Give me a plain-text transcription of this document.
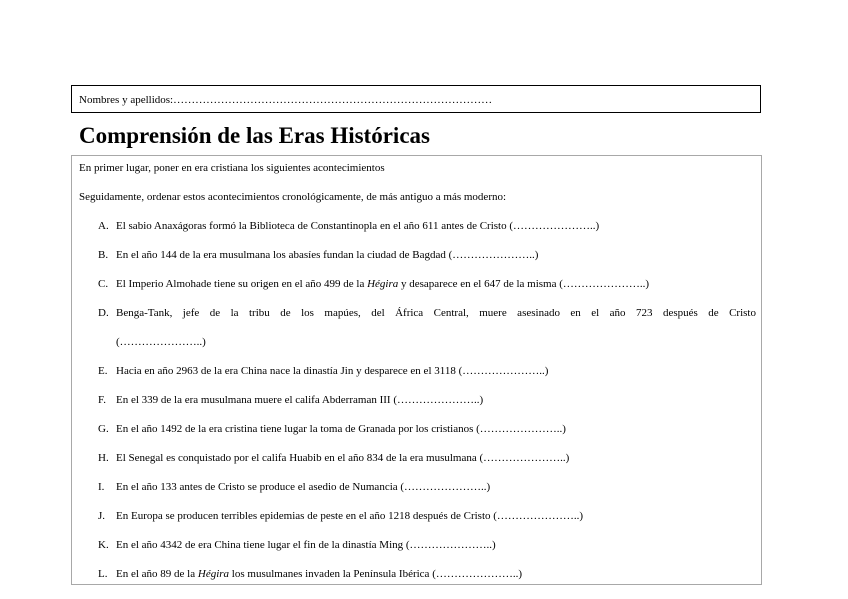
Nombres y apellidos:……………………………………………………………………………
Comprensión de las Eras Históricas
En primer lugar, poner en era cristiana los siguientes acontecimientos
Seguidamente, ordenar estos acontecimientos cronológicamente, de más antiguo a más moderno:
A. El sabio Anaxágoras formó la Biblioteca de Constantinopla en el año 611 antes de Cristo (…………………..)
B. En el año 144 de la era musulmana los abasíes fundan la ciudad de Bagdad (…………………..)
C. El Imperio Almohade tiene su origen en el año 499 de la Hégira y desaparece en el 647 de la misma (…………………..)
D. Benga-Tank, jefe de la tribu de los mapúes, del África Central, muere asesinado en el año 723 después de Cristo
(…………………..)
E. Hacia en año 2963 de la era China nace la dinastía Jin y desparece en el 3118 (…………………..)
F. En el 339 de la era musulmana muere el califa Abderraman III (…………………..)
G. En el año 1492 de la era cristina tiene lugar la toma de Granada por los cristianos (…………………..)
H. El Senegal es conquistado por el califa Huabib en el año 834 de la era musulmana (…………………..)
I. En el año 133 antes de Cristo se produce el asedio de Numancia (…………………..)
J. En Europa se producen terribles epidemias de peste en el año 1218 después de Cristo (…………………..)
K. En el año 4342 de era China tiene lugar el fin de la dinastía Ming (…………………..)
L. En el año 89 de la Hégira los musulmanes invaden la Península Ibérica (…………………..)
